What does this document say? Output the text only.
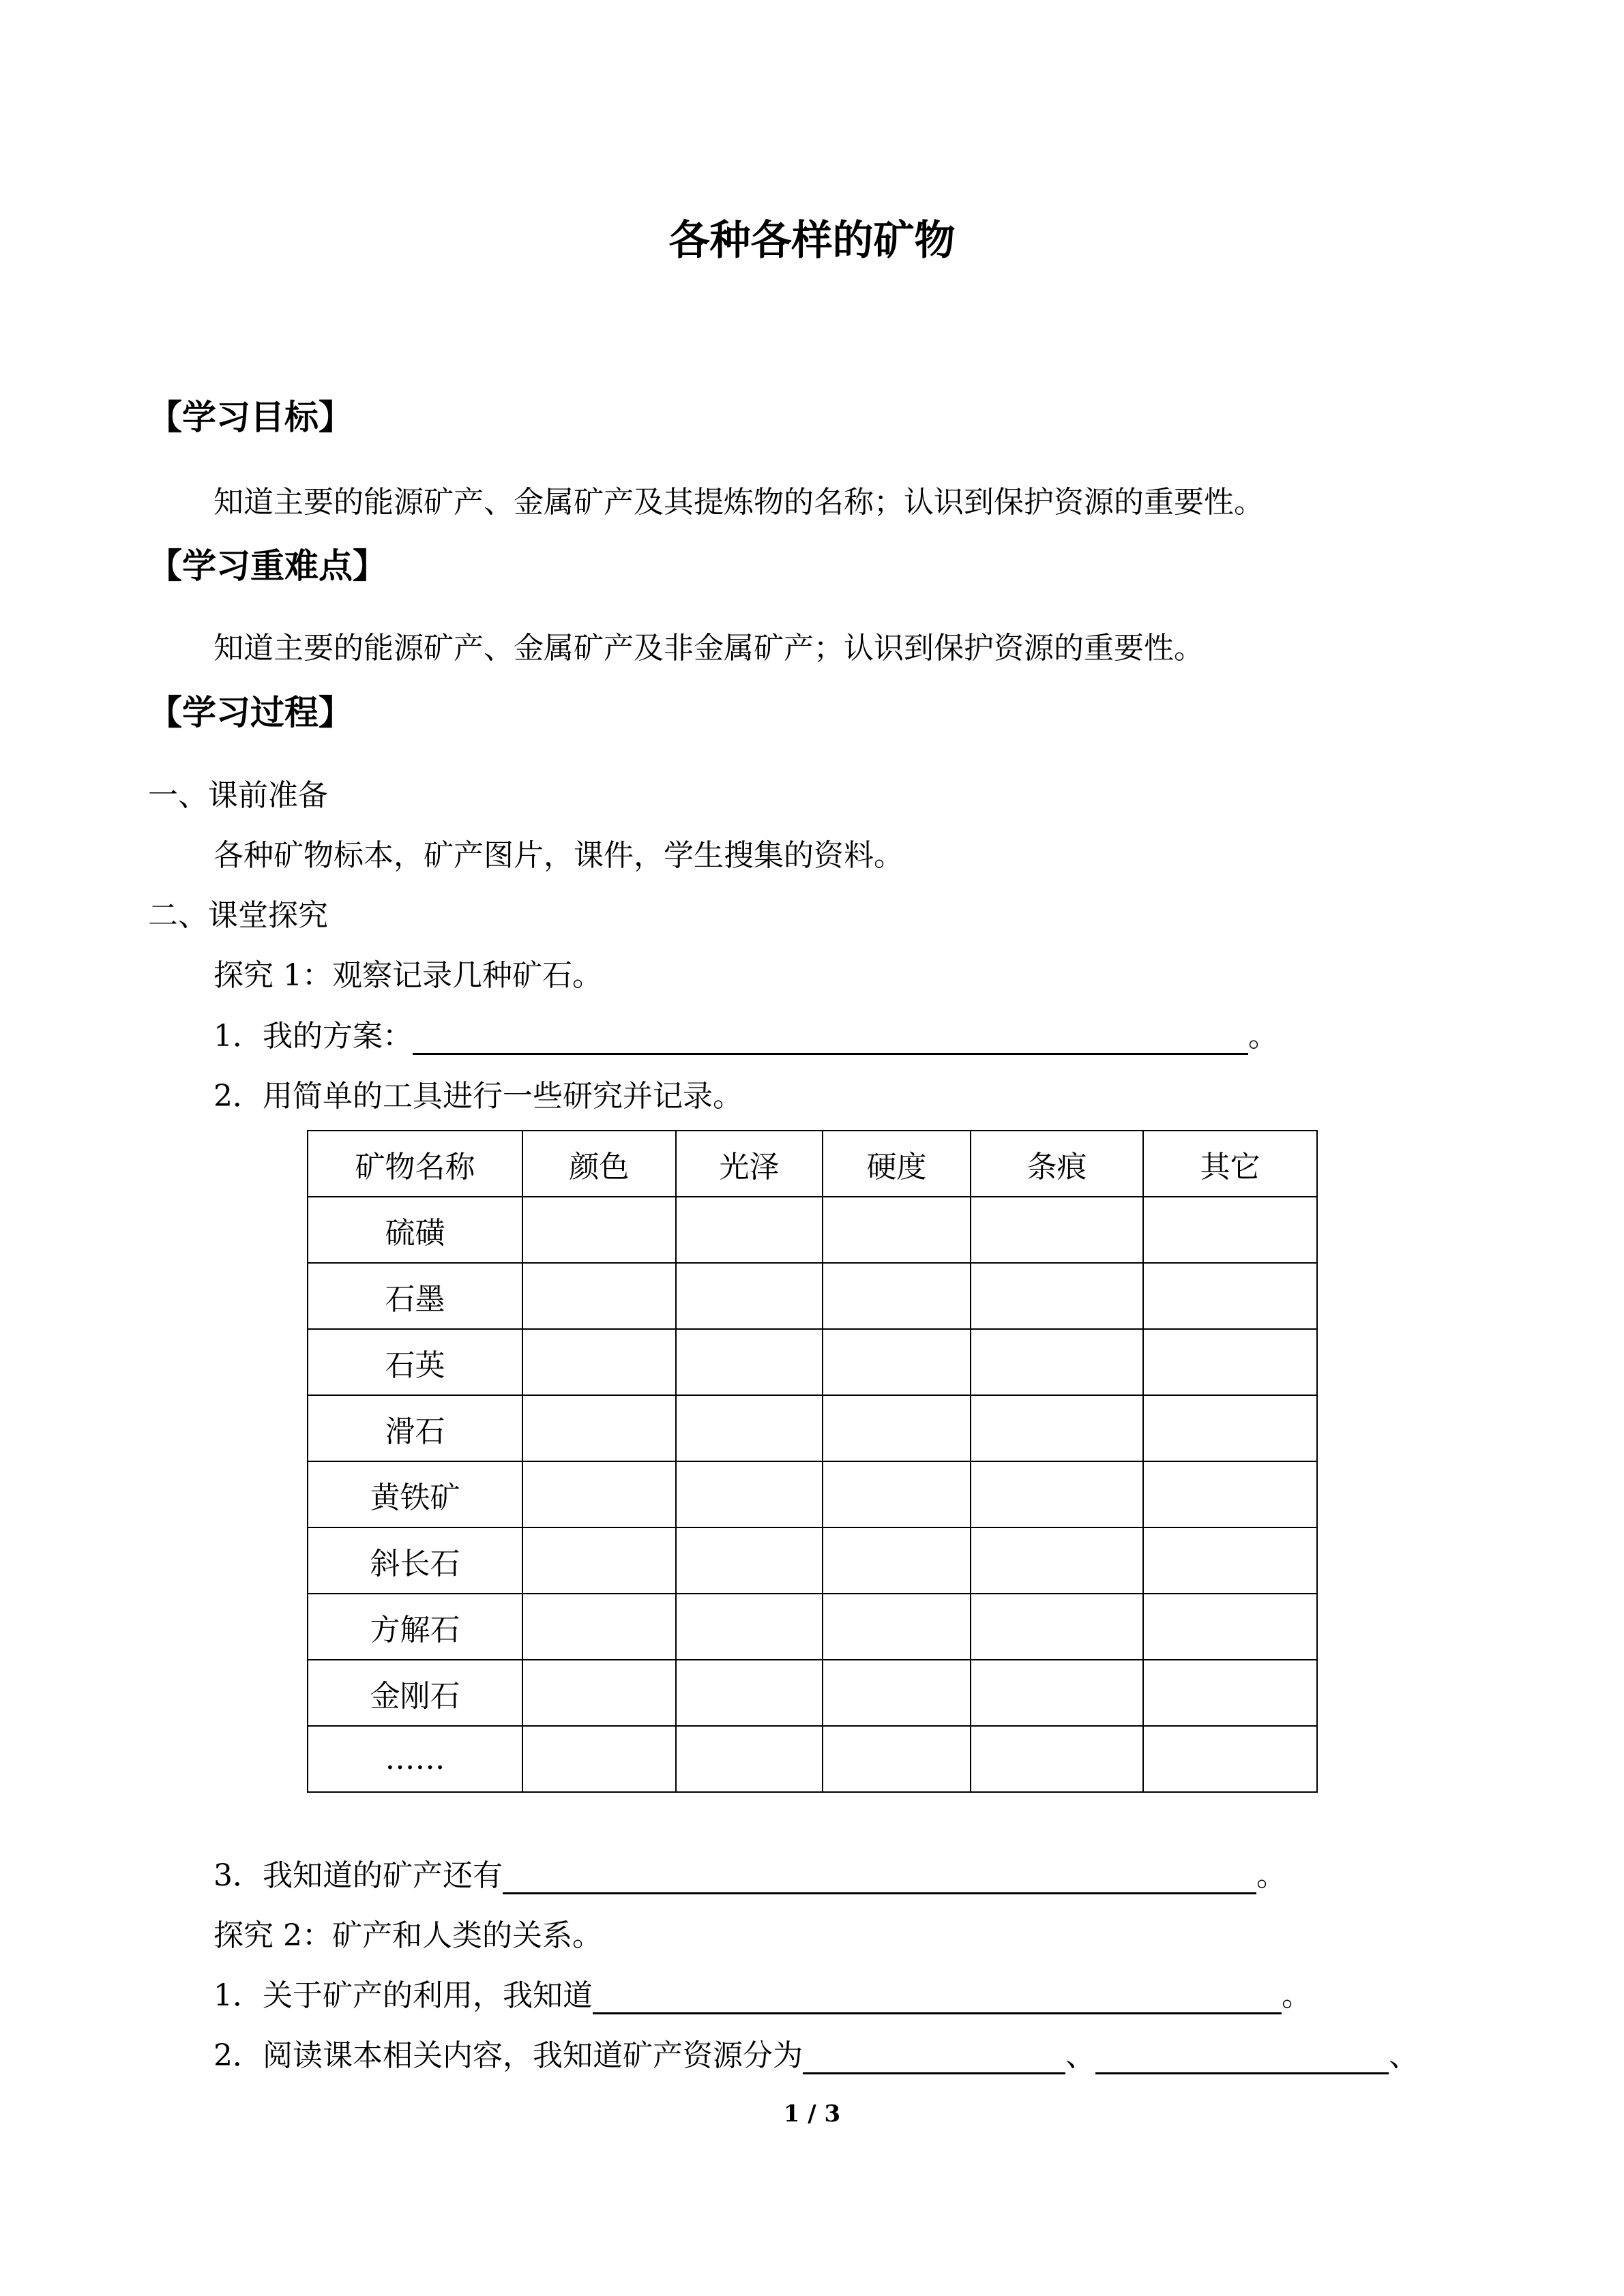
各种各样的矿物
【学习目标】
知道主要的能源矿产、金属矿产及其提炼物的名称；认识到保护资源的重要性。
【学习重难点】
知道主要的能源矿产、金属矿产及非金属矿产；认识到保护资源的重要性。
【学习过程】
一、课前准备
各种矿物标本，矿产图片，课件，学生搜集的资料。
二、课堂探究
探究 1：观察记录几种矿石。
1．我的方案：	。
2．用简单的工具进行一些研究并记录。
矿物名称	颜色	光泽	硬度	条痕	其它
硫磺					
石墨					
石英					
滑石					
黄铁矿					
斜长石					
方解石					
金刚石					
……					
3．我知道的矿产还有	。
探究 2：矿产和人类的关系。
1．关于矿产的利用，我知道	。
2．阅读课本相关内容，我知道矿产资源分为	、	、
1 / 3
